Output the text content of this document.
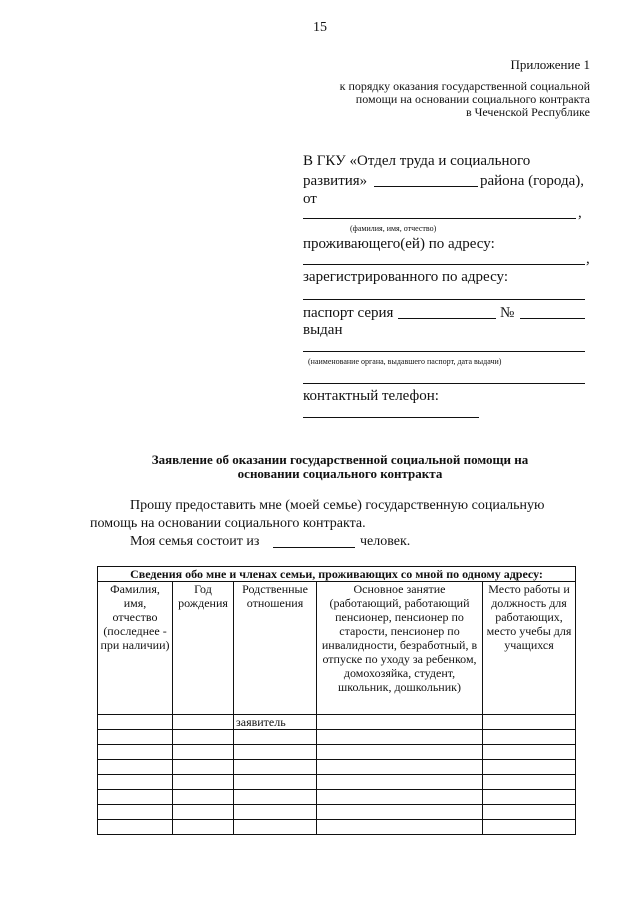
15
Приложение 1
к порядку оказания государственной социальной
помощи на основании социального контракта
в Чеченской Республике
В ГКУ «Отдел труда и социального
развития»	района (города),
от
,
(фамилия, имя, отчество)
проживающего(ей) по адресу:
,
зарегистрированного по адресу:
паспорт серия	№
выдан
(наименование органа, выдавшего паспорт, дата выдачи)
контактный телефон:
Заявление об оказании государственной социальной помощи на
основании социального контракта
Прошу предоставить мне (моей семье) государственную социальную
помощь на основании социального контракта.
Моя семья состоит из	человек.
Сведения обо мне и членах семьи, проживающих со мной по одному адресу:				
Фамилия, имя, отчество (последнее - при наличии)	Год рождения	Родственные отношения	Основное занятие (работающий, работающий пенсионер, пенсионер по старости, пенсионер по инвалидности, безработный, в отпуске по уходу за ребенком, домохозяйка, студент, школьник, дошкольник)	Место работы и должность для работающих, место учебы для учащихся
		заявитель		
